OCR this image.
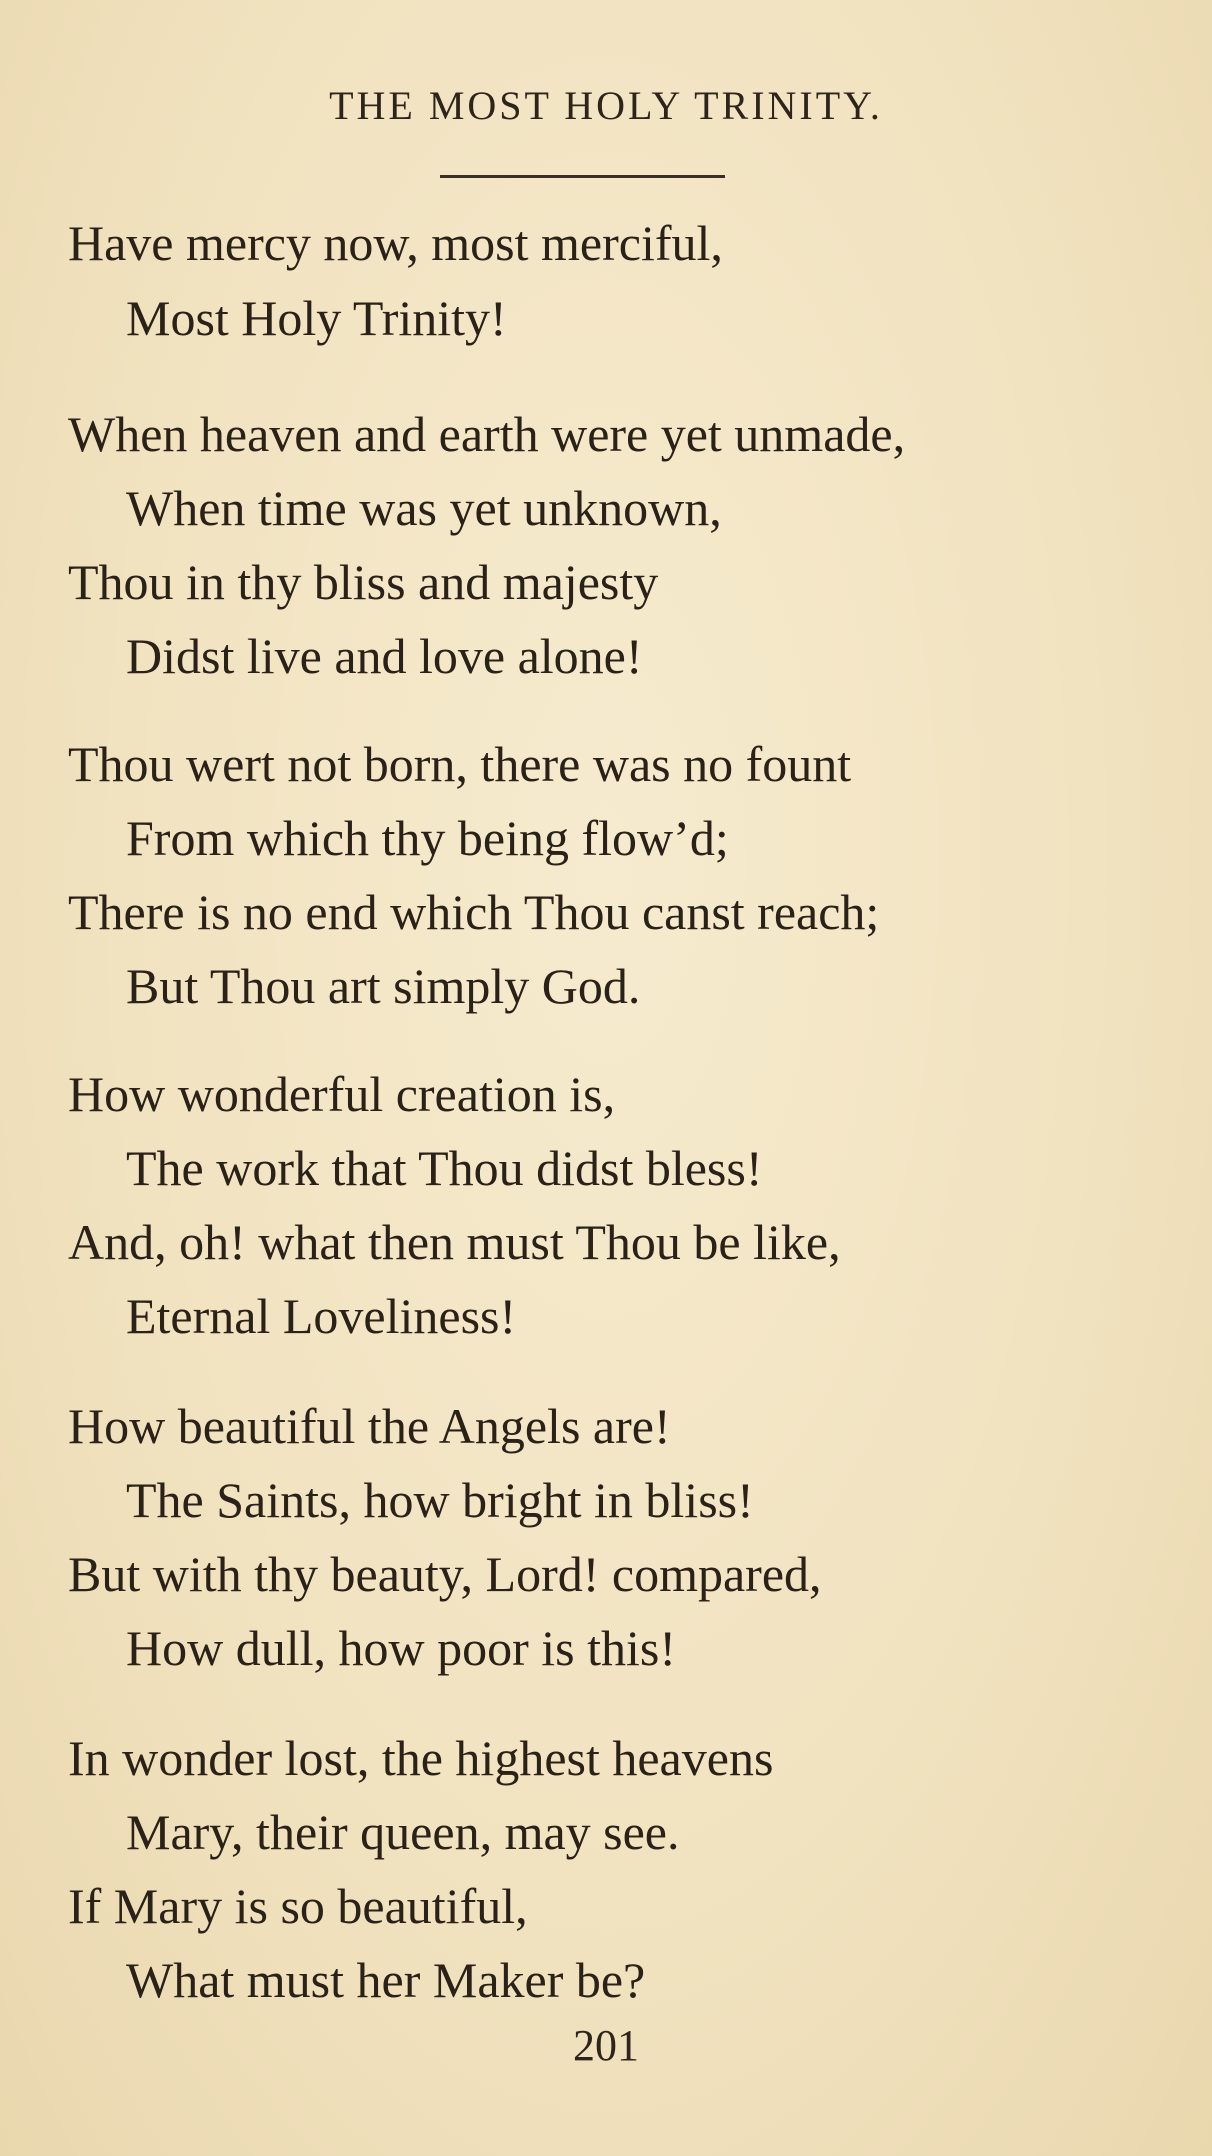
THE MOST HOLY TRINITY.
Have mercy now, most merciful,
Most Holy Trinity!
When heaven and earth were yet unmade,
When time was yet unknown,
Thou in thy bliss and majesty
Didst live and love alone!
Thou wert not born, there was no fount
From which thy being flow’d;
There is no end which Thou canst reach;
But Thou art simply God.
How wonderful creation is,
The work that Thou didst bless!
And, oh! what then must Thou be like,
Eternal Loveliness!
How beautiful the Angels are!
The Saints, how bright in bliss!
But with thy beauty, Lord! compared,
How dull, how poor is this!
In wonder lost, the highest heavens
Mary, their queen, may see.
If Mary is so beautiful,
What must her Maker be?
201
